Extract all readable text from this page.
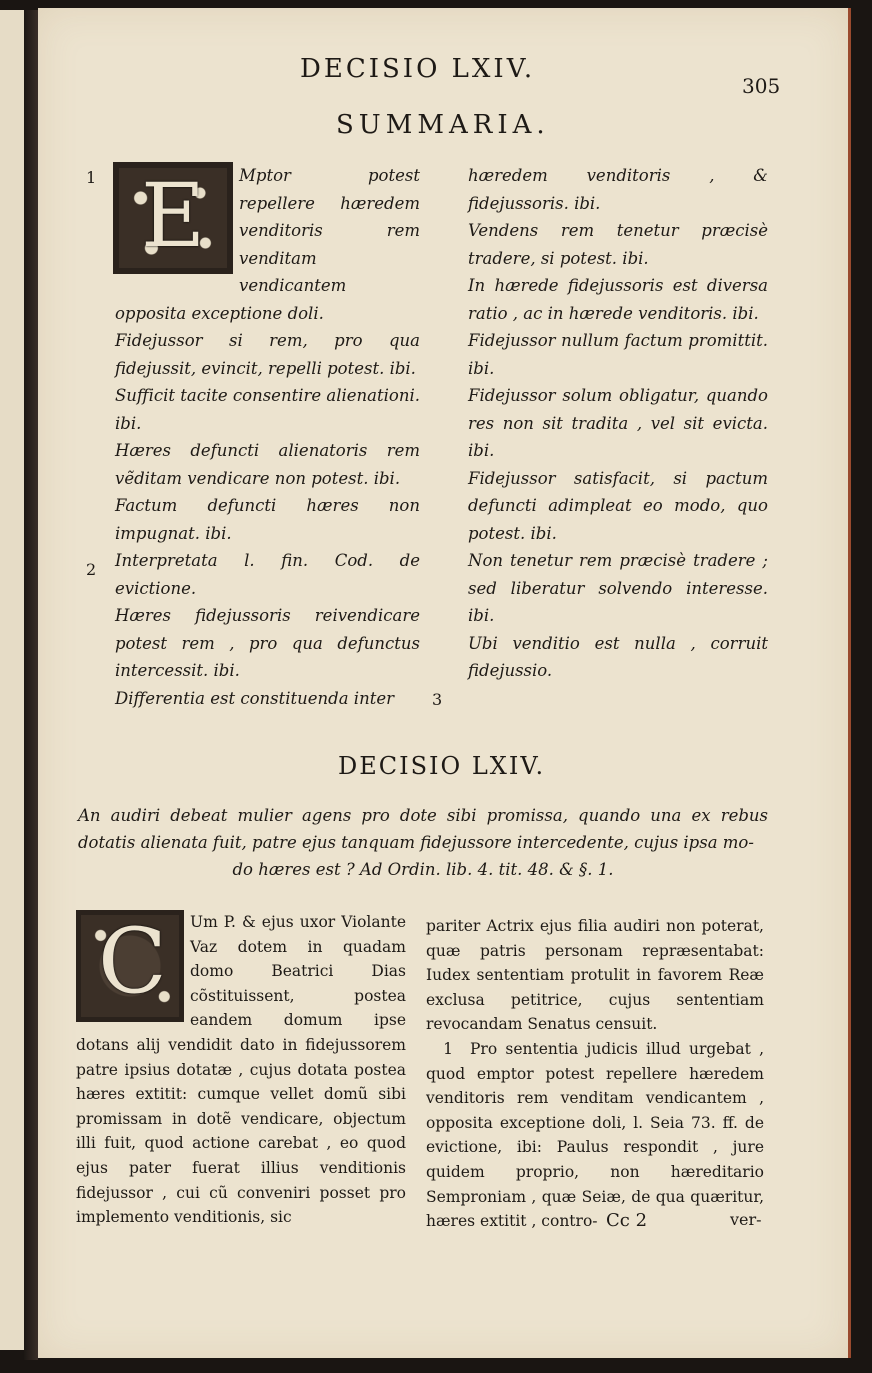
DECISIO LXIV.
305
SUMMARIA.
1
2
E	Mptor potest repellere hæredem venditoris rem venditam vendicantem opposita exceptione doli.

Fidejussor si rem, pro qua fidejussit, evincit, repelli potest. ibi.

Sufficit tacite consentire alienationi. ibi.

Hæres defuncti alienatoris rem vẽditam vendicare non potest. ibi.

Factum defuncti hæres non impugnat. ibi.

Interpretata l. fin. Cod. de evictione.

Hæres fidejussoris reivendicare potest rem , pro qua defunctus intercessit. ibi.

Differentia est constituenda inter	3

hæredem venditoris , & fidejussoris. ibi.

Vendens rem tenetur præcisè tradere, si potest. ibi.

In hærede fidejussoris est diversa ratio , ac in hærede venditoris. ibi.

Fidejussor nullum factum promittit. ibi.

Fidejussor solum obligatur, quando res non sit tradita , vel sit evicta. ibi.

Fidejussor satisfacit, si pactum defuncti adimpleat eo modo, quo potest. ibi.

Non tenetur rem præcisè tradere ; sed liberatur solvendo interesse. ibi.

Ubi venditio est nulla , corruit fidejussio.

DECISIO LXIV.
An audiri debeat mulier agens pro dote sibi promissa, quando una ex rebus dotatis alienata fuit, patre ejus tanquam fidejussore intercedente, cujus ipsa mo-
do hæres est ? Ad Ordin. lib. 4. tit. 48. & §. 1.
C	Um P. & ejus uxor Violante Vaz dotem in quadam domo Beatrici Dias cõstituissent, postea eandem domum ipse dotans alij vendidit dato in fidejussorem patre ipsius dotatæ , cujus dotata postea hæres extitit: cumque vellet domũ sibi promissam in dotẽ vendicare, objectum illi fuit, quod actione carebat , eo quod ejus pater fuerat illius venditionis fidejussor , cui cũ conveniri posset pro implemento venditionis, sic

pariter Actrix ejus filia audiri non poterat, quæ patris personam repræsentabat: Iudex sententiam protulit in favorem Reæ exclusa petitrice, cujus sententiam revocandam Senatus censuit.

1 Pro sententia judicis illud urgebat , quod emptor potest repellere hæredem venditoris rem venditam vendicantem , opposita exceptione doli, l. Seia 73. ff. de evictione, ibi: Paulus respondit , jure quidem proprio, non hæreditario Semproniam , quæ Seiæ, de qua quæritur, hæres extitit , contro- Cc 2	ver-
